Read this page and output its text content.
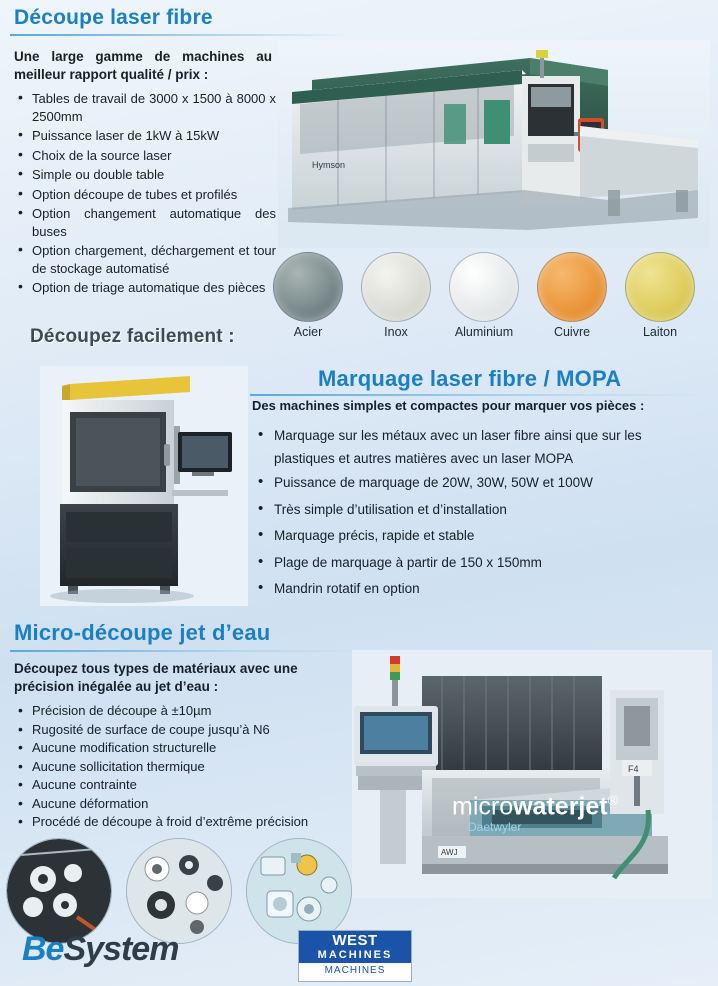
Découpe laser fibre
Une large gamme de machines au meilleur rapport qualité / prix :
• Tables de travail de 3000 x 1500 à 8000 x 2500mm
• Puissance laser de 1kW à 15kW
• Choix de la source laser
• Simple ou double table
• Option découpe de tubes et profilés
• Option changement automatique des buses
• Option chargement, déchargement et tour de stockage automatisé
• Option de triage automatique des pièces
Hymson
Acier	Inox	Aluminium	Cuivre	Laiton
Découpez facilement :
Marquage laser fibre / MOPA
Des machines simples et compactes pour marquer vos pièces :
• Marquage sur les métaux avec un laser fibre ainsi que sur les plastiques et autres matières avec un laser MOPA
• Puissance de marquage de 20W, 30W, 50W et 100W
• Très simple d’utilisation et d’installation
• Marquage précis, rapide et stable
• Plage de marquage à partir de 150 x 150mm
• Mandrin rotatif en option
Micro-découpe jet d’eau
Découpez tous types de matériaux avec une précision inégalée au jet d’eau :
• Précision de découpe à ±10µm
• Rugosité de surface de coupe jusqu’à N6
• Aucune modification structurelle
• Aucune sollicitation thermique
• Aucune contrainte
• Aucune déformation
• Procédé de découpe à froid d’extrême précision
F4
AWJ
microwaterjet®
Daetwyler
BeSystem	WEST
MACHINES
MACHINES
